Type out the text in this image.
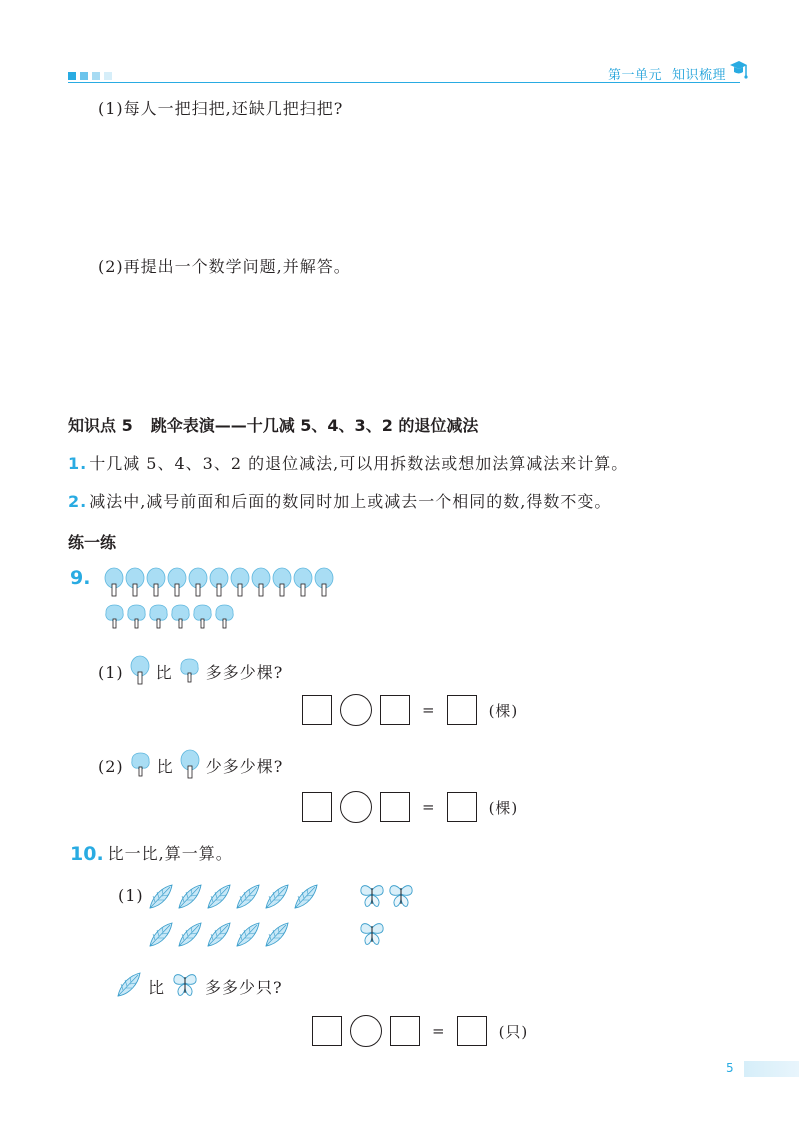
第一单元 知识梳理
(1)每人一把扫把,还缺几把扫把?
(2)再提出一个数学问题,并解答。
知识点 5 跳伞表演——十几减 5、4、3、2 的退位减法
1. 十几减 5、4、3、2 的退位减法,可以用拆数法或想加法算减法来计算。
2. 减法中,减号前面和后面的数同时加上或减去一个相同的数,得数不变。
练一练
9.
(1) 比 多多少棵?
=	(棵)
(2) 比 少多少棵?
=	(棵)
10. 比一比,算一算。
(1)
比	多多少只?
=	(只)
5
